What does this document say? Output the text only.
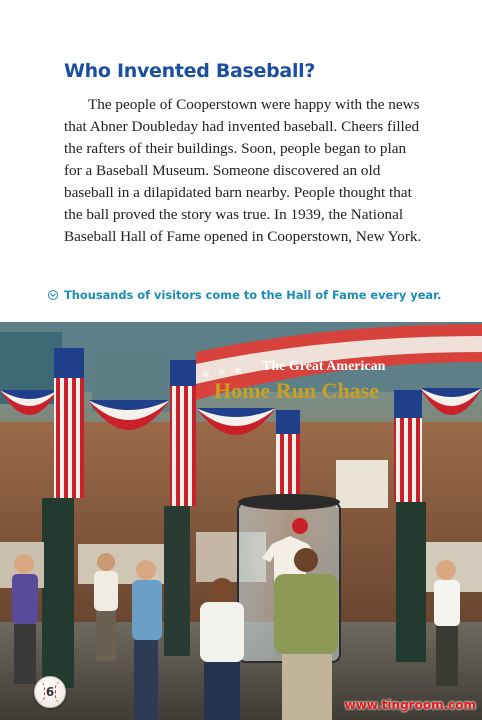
Who Invented Baseball?

The people of Cooperstown were happy with the news that Abner Doubleday had invented baseball. Cheers filled the rafters of their buildings. Soon, people began to plan for a Baseball Museum. Someone discovered an old baseball in a dilapidated barn nearby. People thought that the ball proved the story was true. In 1939, the National Baseball Hall of Fame opened in Cooperstown, New York.

Thousands of visitors come to the Hall of Fame every year.
The Great American
Home Run Chase
6
www.tingroom.com
